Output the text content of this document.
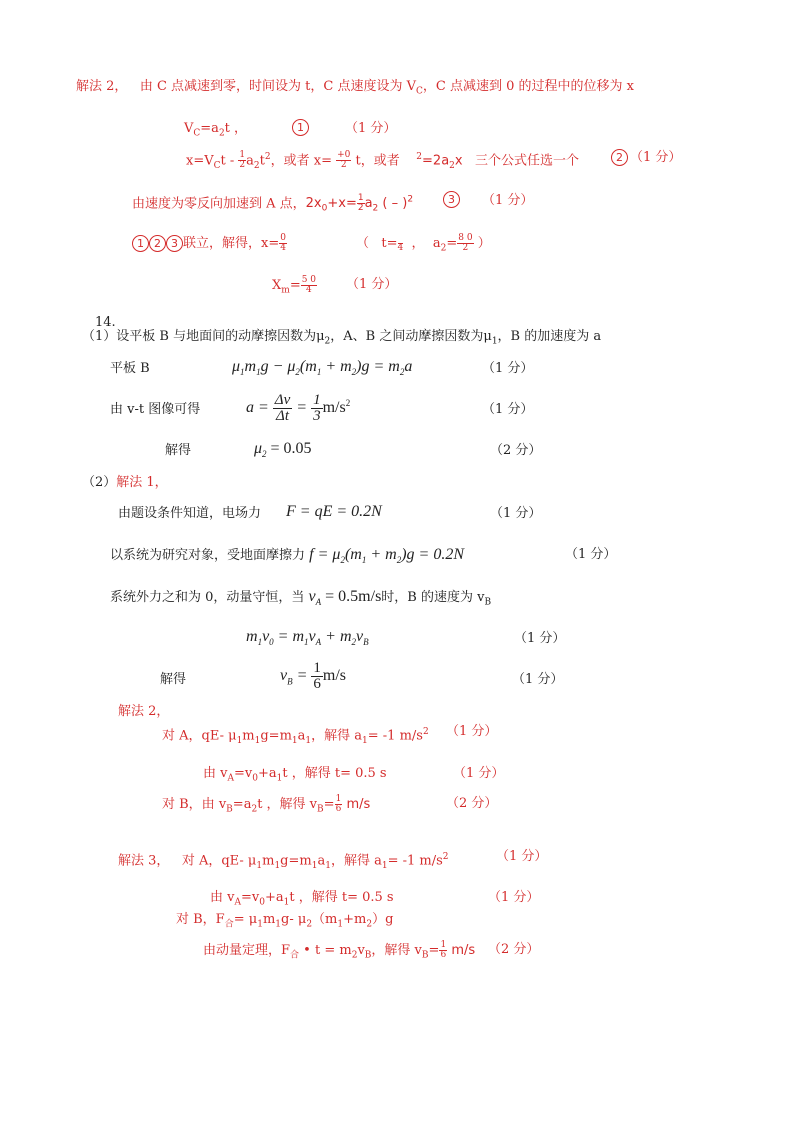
解法 2， 由 C 点减速到零，时间设为 t，C 点速度设为 $V_C$，C 点减速到 0 的过程中的位移为 x
$V_C=a_2t$ ，	1	（1 分）
$x=V_Ct - \frac{1}{2} a_2t^2$，或者 $x= \frac{+0}{2}$ t，或者 $^2=2a_2x$ 三个公式任选一个	2 （1 分）
由速度为零反向加速到 A 点，$2x_0+x= \frac{1}{2} a_2$ ( – )$^2$	3	（1 分）
1 2 3 联立，解得，$x= \frac{0}{4}$	（ t=
4 ， $a_2= \frac{8 0}{2}$ ）
$X_m= \frac{5 0}{4} (1$ 分）
14.
（1）设平板 B 与地面间的动摩擦因数为$\mu_2$，A、B 之间动摩擦因数为$\mu_1$，B 的加速度为 a
平板 B	$\mu_1m_1g - \mu_2(m_1 + m_2)g = m_2a$	（1 分）
由 v-t 图像可得	$a = \frac{\Delta v}{\Delta t} = \frac{1}{3} m/s^2$	（1 分）
解得	$\mu_2 = 0.05$	（2 分）
（2）解法 1，
由题设条件知道，电场力 F = qE = 0.2N	（1 分）
以系统为研究对象，受地面摩擦力 $f = \mu_2(m_1 + m_2)g = 0.2N$	（1 分）
系统外力之和为 0，动量守恒，当 $v_A = 0.5m/s$时，B 的速度为 $v_B$
$m_1v_0 = m_1v_A + m_2v_B$	（1 分）
解得	$v_B = \frac{1}{6} m/s$	（1 分）
解法 2，
对 A，qE- $\mu_1m_1g=m_1a_1$，解得 $a_1= -1$ $m/s^2$ （1 分）
由 $v_A=v_0+a_1t$ ，解得 t= 0.5 s	（1 分）
对 B，由 $v_B=a_2t$ ，解得 $v_B= \frac{1}{6} m/s$	（2 分）
解法 3， 对 A，qE- $\mu_1m_1g=m_1a_1$，解得 $a_1= -1$ $m/s^2$	（1 分）
由 $v_A=v_0+a_1t$ ，解得 t= 0.5 s	（1 分）
对 B，$F_合= \mu_1m_1g-$ $\mu_2(m_1+m_2)g$
由动量定理，$F_合$ • $t = m_2v_B$，解得 $v_B= \frac{1}{6} m/s$ （2 分）
